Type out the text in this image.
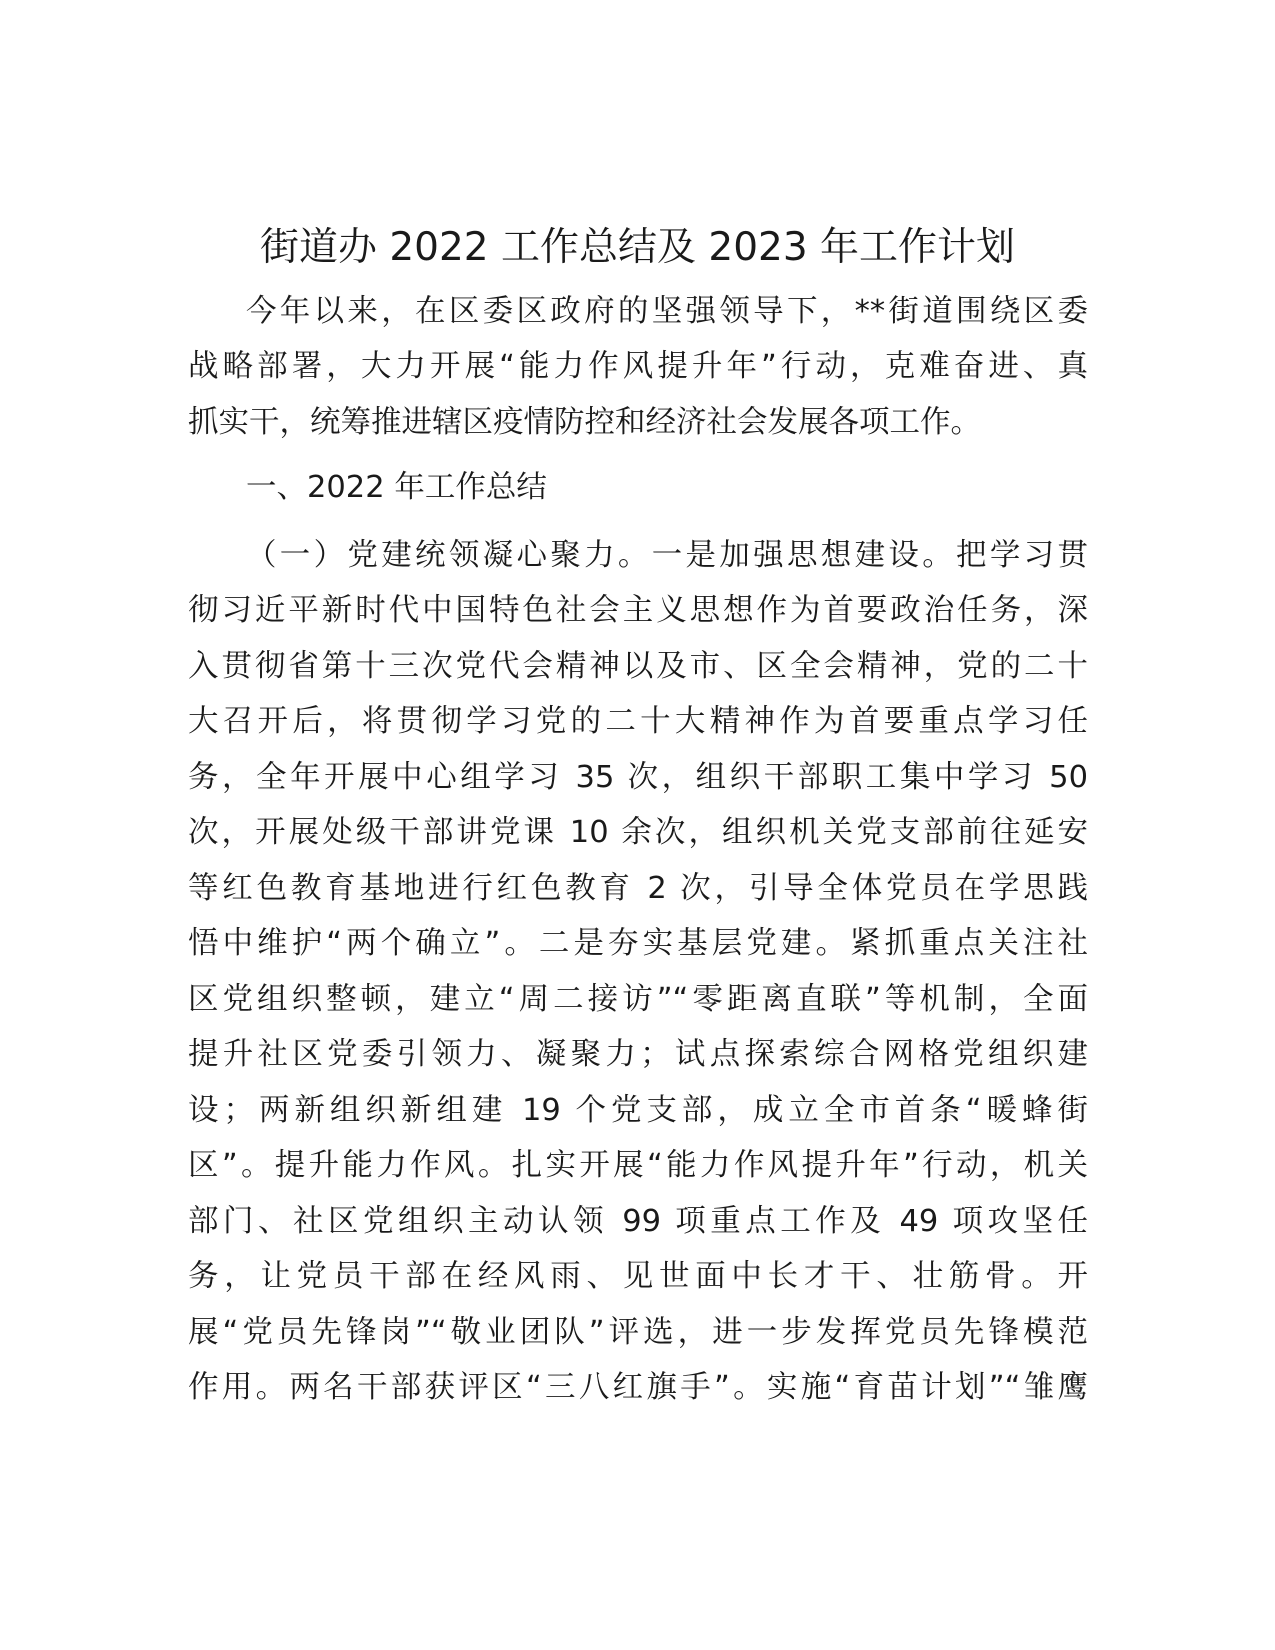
街道办 2022 工作总结及 2023 年工作计划

今年以来，在区委区政府的坚强领导下，**街道围绕区委

战略部署，大力开展“能力作风提升年”行动，克难奋进、真

抓实干，统筹推进辖区疫情防控和经济社会发展各项工作。

一、2022 年工作总结

（一）党建统领凝心聚力。一是加强思想建设。把学习贯

彻习近平新时代中国特色社会主义思想作为首要政治任务，深

入贯彻省第十三次党代会精神以及市、区全会精神，党的二十

大召开后，将贯彻学习党的二十大精神作为首要重点学习任

务，全年开展中心组学习 35 次，组织干部职工集中学习 50

次，开展处级干部讲党课 10 余次，组织机关党支部前往延安

等红色教育基地进行红色教育 2 次，引导全体党员在学思践

悟中维护“两个确立”。二是夯实基层党建。紧抓重点关注社

区党组织整顿，建立“周二接访”“零距离直联”等机制，全面

提升社区党委引领力、凝聚力；试点探索综合网格党组织建

设；两新组织新组建 19 个党支部，成立全市首条“暖蜂街

区”。提升能力作风。扎实开展“能力作风提升年”行动，机关

部门、社区党组织主动认领 99 项重点工作及 49 项攻坚任

务，让党员干部在经风雨、见世面中长才干、壮筋骨。开

展“党员先锋岗”“敬业团队”评选，进一步发挥党员先锋模范

作用。两名干部获评区“三八红旗手”。实施“育苗计划”“雏鹰
